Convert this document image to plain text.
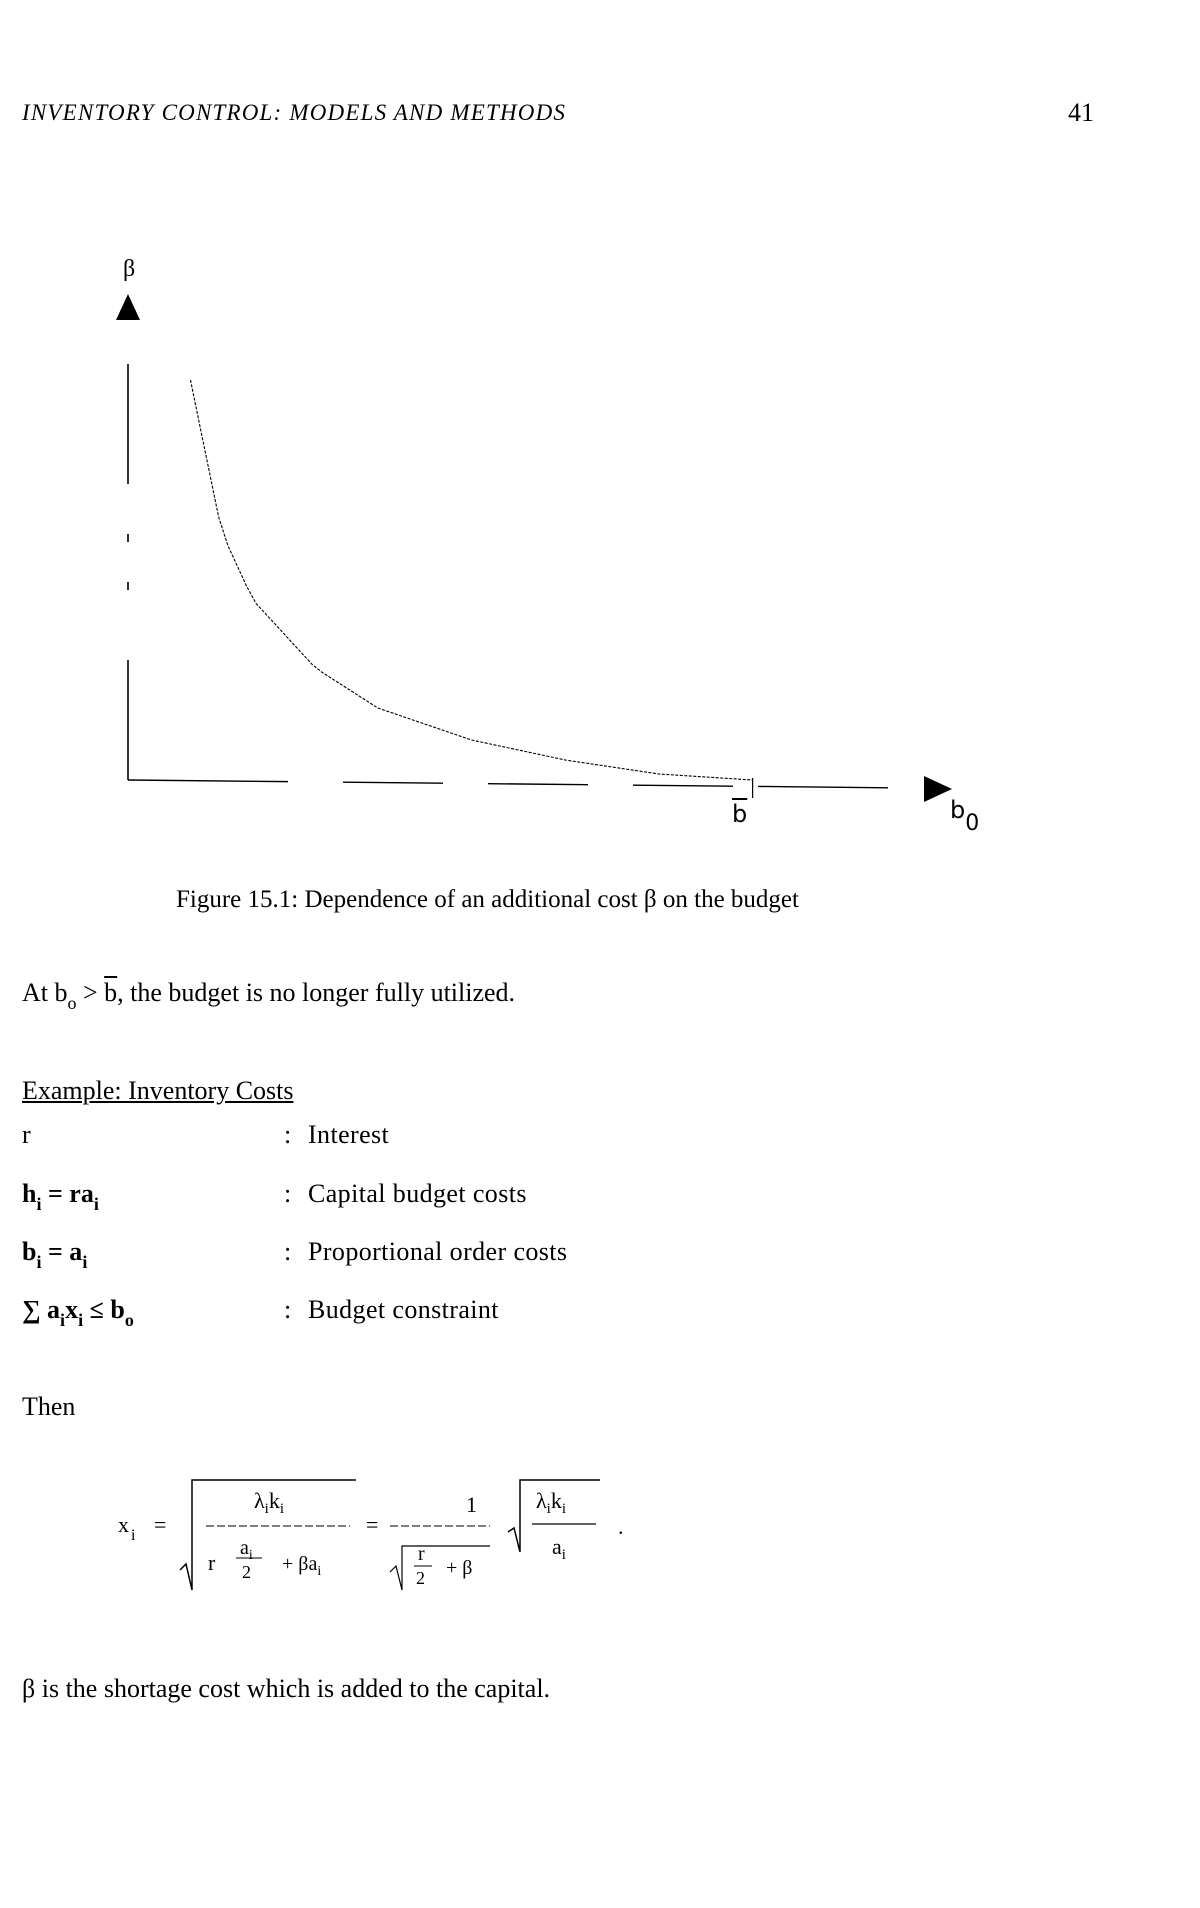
INVENTORY CONTROL: MODELS AND METHODS	41
β
$\overline{b}$	b0
Figure 15.1: Dependence of an additional cost β on the budget
At $b_o > \overline{b}$, the budget is no longer fully utilized.
Example: Inventory Costs
r	: Interest
$h_i = ra_i$	: Capital budget costs
$b_i = a_i$	: Proportional order costs
∑ $a_ix_i \le b_o$	: Budget constraint
Then
x i =
$\lambda_ik_i$
r
$a_i$
$2 + \beta a_i$
=
1
r
2 + β
$\lambda_ik_i$
$a_i$
.
β is the shortage cost which is added to the capital.
